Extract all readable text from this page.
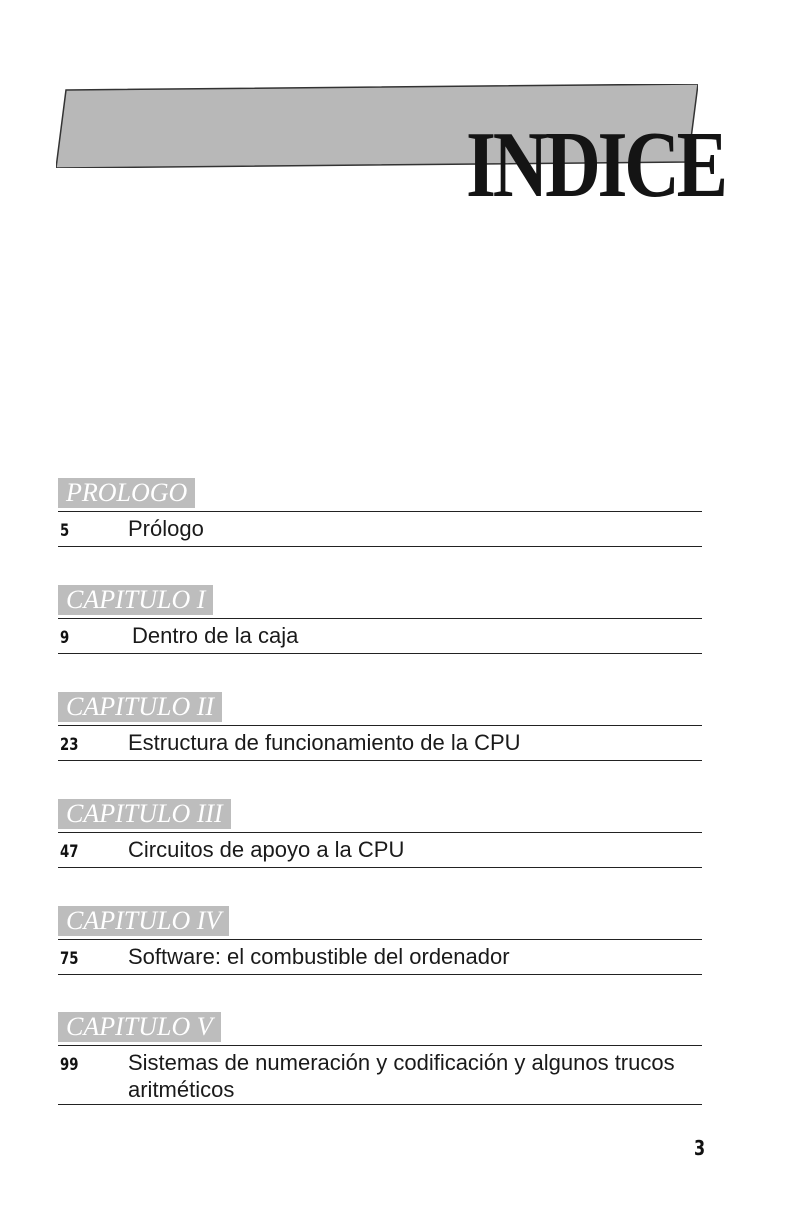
INDICE
PROLOGO
5	Prólogo
CAPITULO I
9	Dentro de la caja
CAPITULO II
23 Estructura de funcionamiento de la CPU
CAPITULO III
47 Circuitos de apoyo a la CPU
CAPITULO IV
75 Software: el combustible del ordenador
CAPITULO V
99 Sistemas de numeración y codificación y algunos trucos aritméticos
3
